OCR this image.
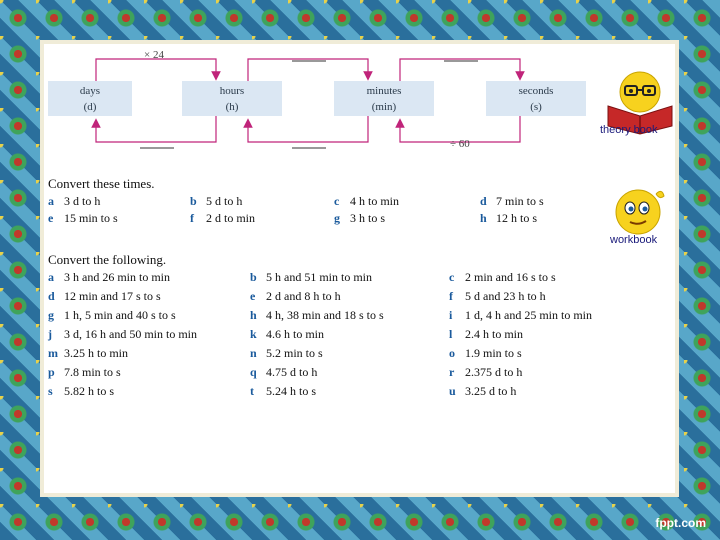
days
(d)
hours
(h)
minutes
(min)
seconds
(s)
× 24
÷ 60
Convert these times.
a 3 d to h	b 5 d to h	c 4 h to min	d 7 min to s
e 15 min to s	f 2 d to min	g 3 h to s	h 12 h to s
Convert the following.
a 3 h and 26 min to min	b 5 h and 51 min to min	c 2 min and 16 s to s
d 12 min and 17 s to s	e 2 d and 8 h to h	f 5 d and 23 h to h
g 1 h, 5 min and 40 s to s	h 4 h, 38 min and 18 s to s	i 1 d, 4 h and 25 min to min
j 3 d, 16 h and 50 min to min	k 4.6 h to min	l 2.4 h to min
m 3.25 h to min	n 5.2 min to s	o 1.9 min to s
p 7.8 min to s	q 4.75 d to h	r 2.375 d to h
s 5.82 h to s	t 5.24 h to s	u 3.25 d to h
theory book
workbook
fppt.com
